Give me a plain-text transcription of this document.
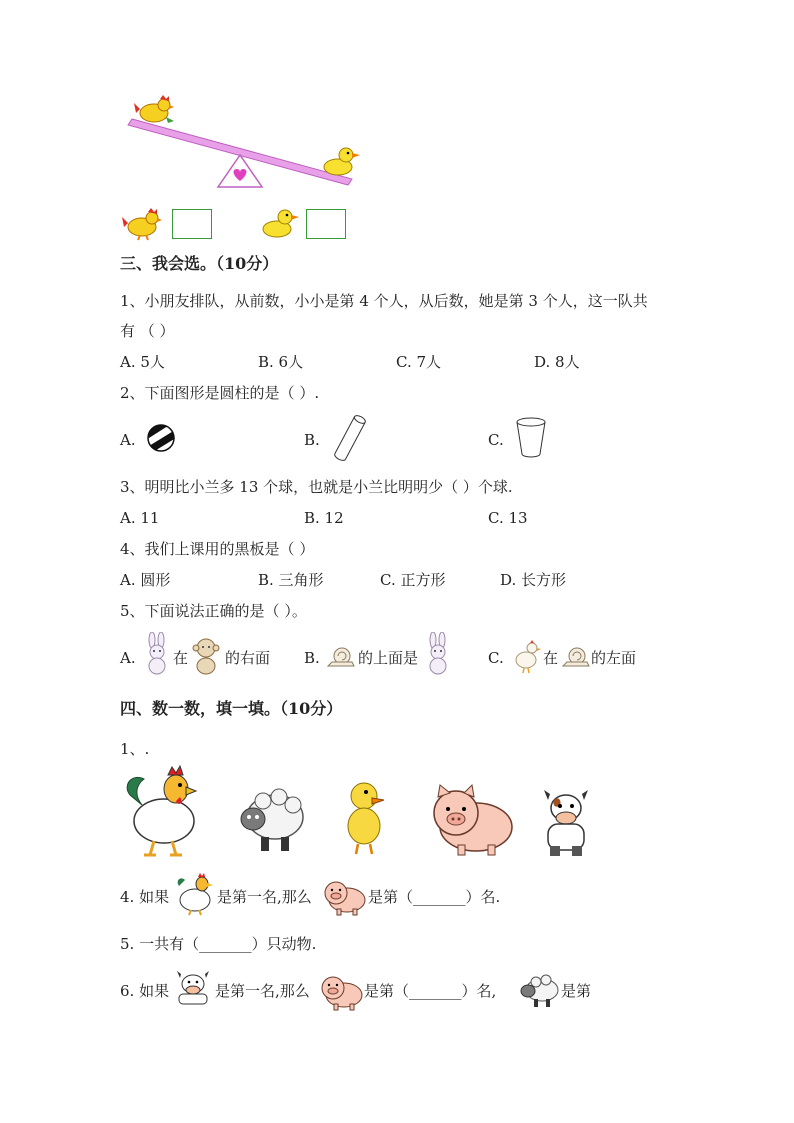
三、我会选。（10分）
1、小朋友排队，从前数，小小是第 4 个人，从后数，她是第 3 个人，这一队共
有 （ ）
A. 5人	B. 6人	C. 7人	D. 8人
2、下面图形是圆柱的是（ ）.
A.	B.	C.
3、明明比小兰多 13 个球，也就是小兰比明明少（ ）个球.
A. 11	B. 12	C. 13
4、我们上课用的黑板是（ ）
A. 圆形	B. 三角形	C. 正方形	D. 长方形
5、下面说法正确的是（ ）。
A. 在 的右面 B.	的上面是	C.	在 的左面
四、数一数，填一填。（10分）
1、.
4. 如果	是第一名,那么	是第（_______）名.
5. 一共有（_______）只动物.
6. 如果	是第一名,那么	是第（_______）名,	是第
